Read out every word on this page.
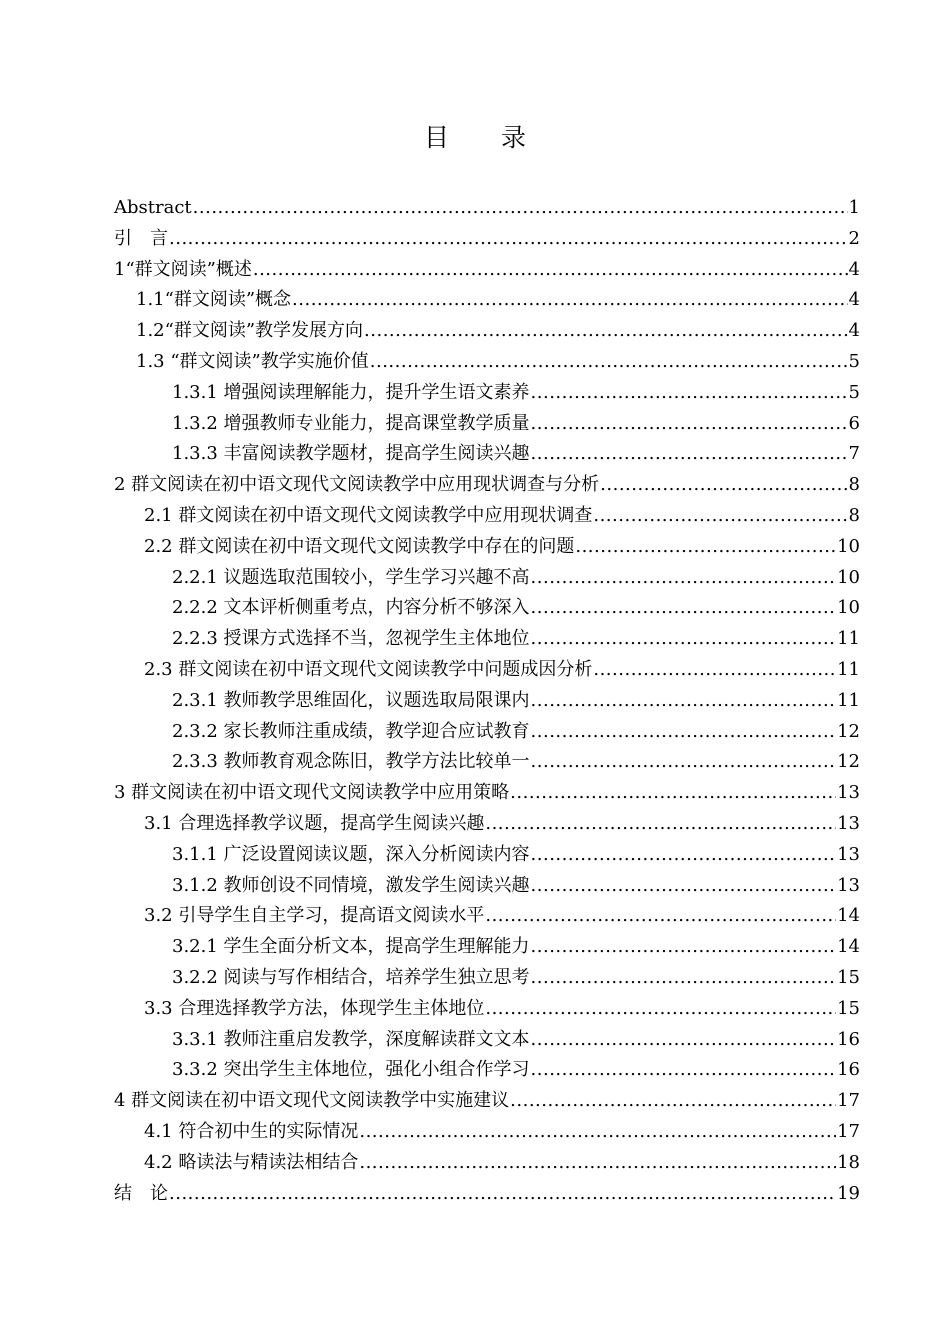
目 录
Abstract .....	1
引　言 .....	2
1“群文阅读”概述 .....	4
1.1“群文阅读”概念 .....	4
1.2“群文阅读”教学发展方向 .....	4
1.3 “群文阅读”教学实施价值 .....	5
1.3.1 增强阅读理解能力，提升学生语文素养 .....	5
1.3.2 增强教师专业能力，提高课堂教学质量 .....	6
1.3.3 丰富阅读教学题材，提高学生阅读兴趣 .....	7
2 群文阅读在初中语文现代文阅读教学中应用现状调查与分析 .....	8
2.1 群文阅读在初中语文现代文阅读教学中应用现状调查 .....	8
2.2 群文阅读在初中语文现代文阅读教学中存在的问题 .....	10
2.2.1 议题选取范围较小，学生学习兴趣不高 .....	10
2.2.2 文本评析侧重考点，内容分析不够深入 .....	10
2.2.3 授课方式选择不当，忽视学生主体地位 .....	11
2.3 群文阅读在初中语文现代文阅读教学中问题成因分析 .....	11
2.3.1 教师教学思维固化，议题选取局限课内 .....	11
2.3.2 家长教师注重成绩，教学迎合应试教育 .....	12
2.3.3 教师教育观念陈旧，教学方法比较单一 .....	12
3 群文阅读在初中语文现代文阅读教学中应用策略 .....	13
3.1 合理选择教学议题，提高学生阅读兴趣 .....	13
3.1.1 广泛设置阅读议题，深入分析阅读内容 .....	13
3.1.2 教师创设不同情境，激发学生阅读兴趣 .....	13
3.2 引导学生自主学习，提高语文阅读水平 .....	14
3.2.1 学生全面分析文本，提高学生理解能力 .....	14
3.2.2 阅读与写作相结合，培养学生独立思考 .....	15
3.3 合理选择教学方法，体现学生主体地位 .....	15
3.3.1 教师注重启发教学，深度解读群文文本 .....	16
3.3.2 突出学生主体地位，强化小组合作学习 .....	16
4 群文阅读在初中语文现代文阅读教学中实施建议 .....	17
4.1 符合初中生的实际情况 .....	17
4.2 略读法与精读法相结合 .....	18
结　论 .....	19
